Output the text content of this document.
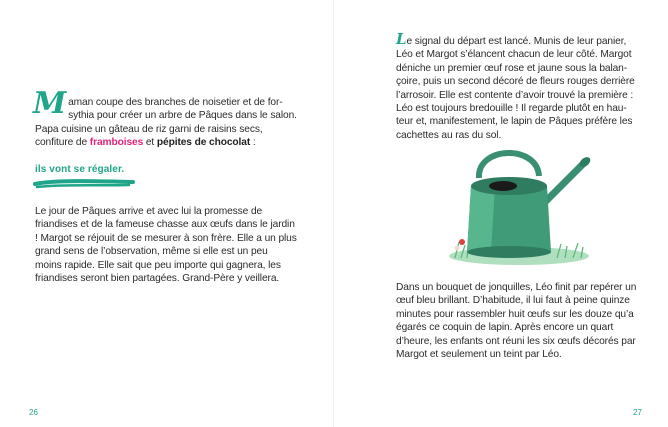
Maman coupe des branches de noisetier et de for-sythia pour créer un arbre de Pâques dans le salon. Papa cuisine un gâteau de riz garni de raisins secs, confiture de framboises et pépites de chocolat :

ils vont se régaler.

Le jour de Pâques arrive et avec lui la promesse de friandises et de la fameuse chasse aux œufs dans le jardin ! Margot se réjouit de se mesurer à son frère. Elle a un plus grand sens de l’observation, même si elle est un peu moins rapide. Elle sait que peu importe qui gagnera, les friandises seront bien partagées. Grand-Père y veillera.

26

Le signal du départ est lancé. Munis de leur panier, Léo et Margot s’élancent chacun de leur côté. Margot déniche un premier œuf rose et jaune sous la balan-çoire, puis un second décoré de fleurs rouges derrière l’arrosoir. Elle est contente d’avoir trouvé la première : Léo est toujours bredouille ! Il regarde plutôt en hau-teur et, manifestement, le lapin de Pâques préfère les cachettes au ras du sol.

Dans un bouquet de jonquilles, Léo finit par repérer un œuf bleu brillant. D’habitude, il lui faut à peine quinze minutes pour rassembler huit œufs sur les douze qu’a égarés ce coquin de lapin. Après encore un quart d’heure, les enfants ont réuni les six œufs décorés par Margot et seulement un teint par Léo.

27
